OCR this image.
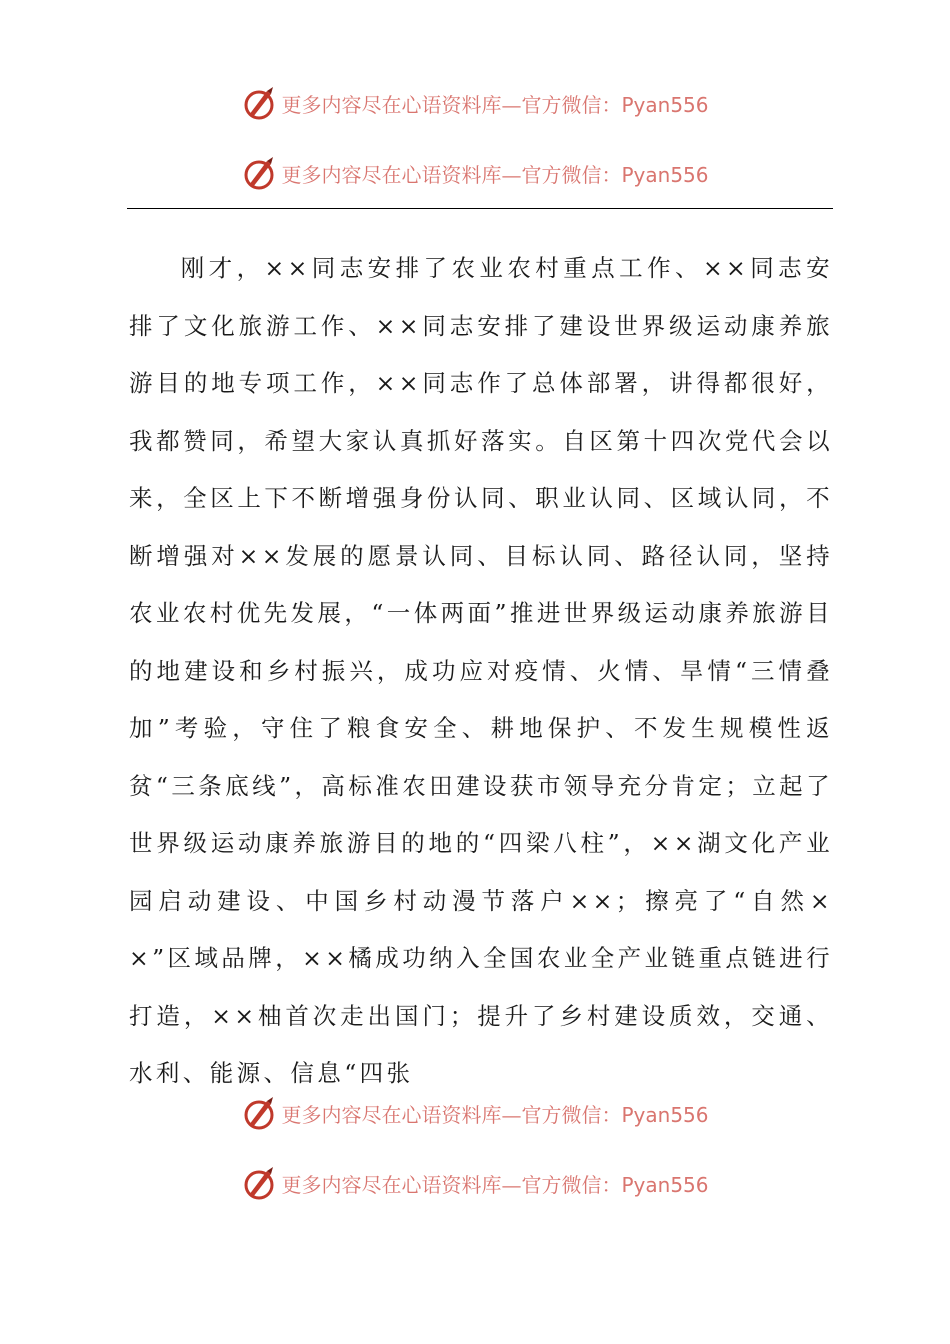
更多内容尽在心语资料库—官方微信：Pyan556
更多内容尽在心语资料库—官方微信：Pyan556

刚才，××同志安排了农业农村重点工作、××同志安排了文化旅游工作、××同志安排了建设世界级运动康养旅游目的地专项工作，××同志作了总体部署，讲得都很好，我都赞同，希望大家认真抓好落实。自区第十四次党代会以来，全区上下不断增强身份认同、职业认同、区域认同，不断增强对××发展的愿景认同、目标认同、路径认同，坚持农业农村优先发展，“一体两面”推进世界级运动康养旅游目的地建设和乡村振兴，成功应对疫情、火情、旱情“三情叠加”考验，守住了粮食安全、耕地保护、不发生规模性返贫“三条底线”，高标准农田建设获市领导充分肯定；立起了世界级运动康养旅游目的地的“四梁八柱”，××湖文化产业园启动建设、中国乡村动漫节落户××；擦亮了“自然××”区域品牌，××橘成功纳入全国农业全产业链重点链进行打造，××柚首次走出国门；提升了乡村建设质效，交通、水利、能源、信息“四张

更多内容尽在心语资料库—官方微信：Pyan556
更多内容尽在心语资料库—官方微信：Pyan556
